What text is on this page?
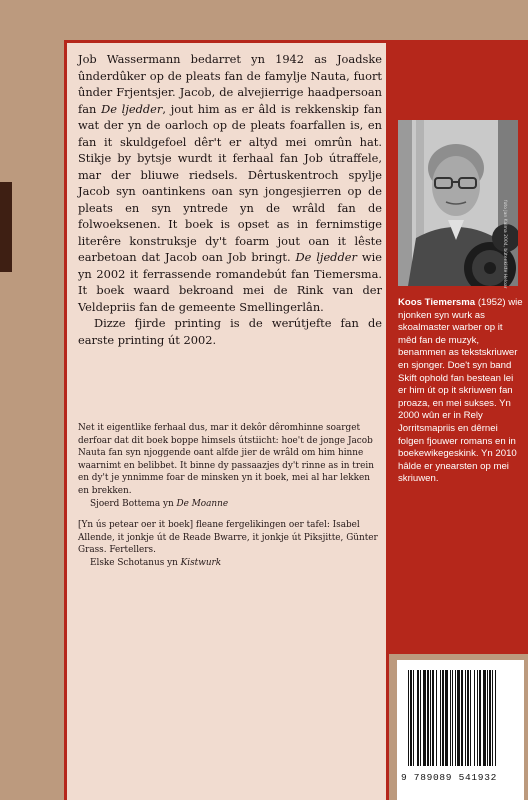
Job Wassermann bedarret yn 1942 as Joadske ûnderdûker op de pleats fan de famylje Nauta, fuort ûnder Frjentsjer. Jacob, de alvejierrige haadpersoan fan De ljedder, jout him as er âld is rekkenskip fan wat der yn de oarloch op de pleats foarfallen is, en fan it skuldgefoel dêr't er altyd mei omrûn hat. Stikje by bytsje wurdt it ferhaal fan Job útraffele, mar der bliuwe riedsels. Dêrtuskentroch spylje Jacob syn oantinkens oan syn jongesjierren op de pleats en syn yntrede yn de wrâld fan de folwoeksenen. It boek is opset as in fernimstige literêre konstruksje dy't foarm jout oan it lêste earbetoan dat Jacob oan Job bringt. De ljedder wie yn 2002 it ferrassende romandebút fan Tiemersma. It boek waard bekroand mei de Rink van der Veldepriis fan de gemeente Smellingerlân.

Dizze fjirde printing is de werútjefte fan de earste printing út 2002.

Net it eigentlike ferhaal dus, mar it dekôr dêromhinne soarget derfoar dat dit boek boppe himsels útstiicht: hoe't de jonge Jacob Nauta fan syn njoggende oant alfde jier de wrâld om him hinne waarnimt en belibbet. It binne dy passaazjes dy't rinne as in trein en dy't je ynnimme foar de minsken yn it boek, mei al har lekken en brekken.

Sjoerd Bottema yn De Moanne

[Yn ús petear oer it boek] fleane fergelikingen oer tafel: Isabel Allende, it jonkje út de Reade Bwarre, it jonkje út Piksjitte, Günter Grass. Fertellers.

Elske Schotanus yn Kistwurk

foto Jan Kalma 2004, bûtenkiste Heloar
Koos Tiemersma (1952) wie njonken syn wurk as skoalmaster warber op it mêd fan de muzyk, benammen as tekstskriuwer en sjonger. Doe't syn band Skift ophold fan bestean lei er him út op it skriuwen fan proaza, en mei sukses. Yn 2000 wûn er in Rely Jorritsmapriis en dêrnei folgen fjouwer romans en in boekewikegeskink. Yn 2010 hâlde er ynearsten op mei skriuwen.
9 789089 541932
